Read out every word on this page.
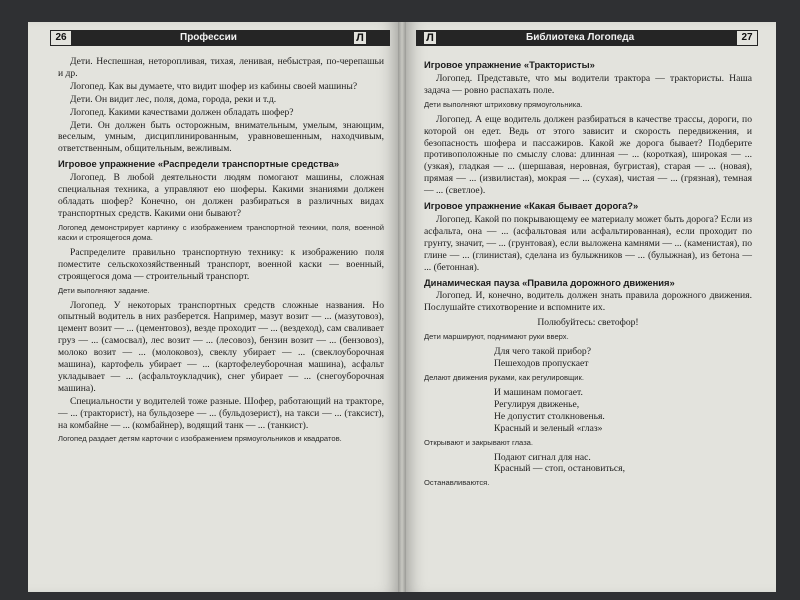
26	Профессии	Л

Дети. Неспешная, неторопливая, тихая, ленивая, небыстрая, по-черепашьи и др.

Логопед. Как вы думаете, что видит шофер из кабины своей машины?

Дети. Он видит лес, поля, дома, города, реки и т.д.

Логопед. Какими качествами должен обладать шофер?

Дети. Он должен быть осторожным, внимательным, умелым, знающим, веселым, умным, дисциплинированным, уравновешенным, находчивым, ответственным, общительным, вежливым.

Игровое упражнение «Распредели транспортные средства»

Логопед. В любой деятельности людям помогают машины, сложная специальная техника, а управляют ею шоферы. Какими знаниями должен обладать шофер? Конечно, он должен разбираться в различных видах транспортных средств. Какими они бывают?

Логопед демонстрирует картинку с изображением транспортной техники, поля, военной каски и строящегося дома.

Распределите правильно транспортную технику: к изображению поля поместите сельскохозяйственный транспорт, военной каски — военный, строящегося дома — строительный транспорт.

Дети выполняют задание.

Логопед. У некоторых транспортных средств сложные названия. Но опытный водитель в них разберется. Например, мазут возит — ... (мазутовоз), цемент возит — ... (цементовоз), везде проходит — ... (вездеход), сам сваливает груз — ... (самосвал), лес возит — ... (лесовоз), бензин возит — ... (бензовоз), молоко возит — ... (молоковоз), свеклу убирает — ... (свеклоуборочная машина), картофель убирает — ... (картофелеуборочная машина), асфальт укладывает — ... (асфальтоукладчик), снег убирает — ... (снегоуборочная машина).

Специальности у водителей тоже разные. Шофер, работающий на тракторе, — ... (тракторист), на бульдозере — ... (бульдозерист), на такси — ... (таксист), на комбайне — ... (комбайнер), водящий танк — ... (танкист).

Логопед раздает детям карточки с изображением прямоугольников и квадратов.

Л	Библиотека Логопеда	27

Игровое упражнение «Трактористы»

Логопед. Представьте, что мы водители трактора — трактористы. Наша задача — ровно распахать поле.

Дети выполняют штриховку прямоугольника.

Логопед. А еще водитель должен разбираться в качестве трассы, дороги, по которой он едет. Ведь от этого зависит и скорость передвижения, и безопасность шофера и пассажиров. Какой же дорога бывает? Подберите противоположные по смыслу слова: длинная — ... (короткая), широкая — ... (узкая), гладкая — ... (шершавая, неровная, бугристая), старая — ... (новая), прямая — ... (извилистая), мокрая — ... (сухая), чистая — ... (грязная), темная — ... (светлое).

Игровое упражнение «Какая бывает дорога?»

Логопед. Какой по покрывающему ее материалу может быть дорога? Если из асфальта, она — ... (асфальтовая или асфальтированная), если проходит по грунту, значит, — ... (грунтовая), если выложена камнями — ... (каменистая), по глине — ... (глинистая), сделана из булыжников — ... (булыжная), из бетона — ... (бетонная).

Динамическая пауза «Правила дорожного движения»

Логопед. И, конечно, водитель должен знать правила дорожного движения. Послушайте стихотворение и вспомните их.

Полюбуйтесь: светофор!

Дети маршируют, поднимают руки вверх.

Для чего такой прибор?

Пешеходов пропускает

Делают движения руками, как регулировщик.

И машинам помогает.

Регулируя движенье,

Не допустит столкновенья.

Красный и зеленый «глаз»

Открывают и закрывают глаза.

Подают сигнал для нас.

Красный — стоп, остановиться,

Останавливаются.
